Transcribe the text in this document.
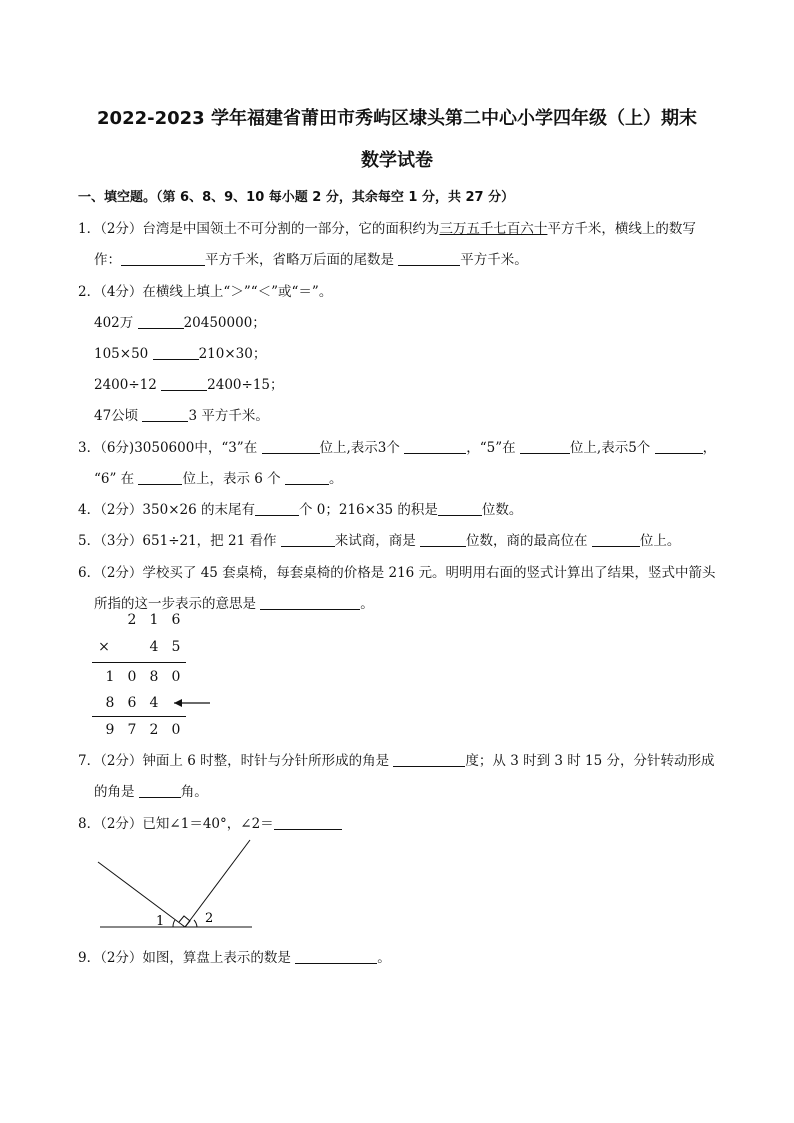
2022-2023 学年福建省莆田市秀屿区埭头第二中心小学四年级（上）期末
数学试卷
一、填空题。（第 6、8、9、10 每小题 2 分，其余每空 1 分，共 27 分）
1．（2分）台湾是中国领土不可分割的一部分，它的面积约为三万五千七百六十平方千米，横线上的数写
作：	平方千米，省略万后面的尾数是	平方千米。
2．（4分）在横线上填上“＞”“＜”或“＝”。
402万	20450000；
105×50	210×30；
2400÷12	2400÷15；
47公顷	3 平方千米。
3．（6分)3050600中，“3”在	位上,表示3个	，“5”在	位上,表示5个	，
“6” 在	位上，表示 6 个	。
4．（2分）350×26 的末尾有	个 0；216×35 的积是	位数。
5．（3分）651÷21，把 21 看作	来试商，商是	位数，商的最高位在	位上。
6．（2分）学校买了 45 套桌椅，每套桌椅的价格是 216 元。明明用右面的竖式计算出了结果，竖式中箭头
所指的这一步表示的意思是	。
2 1 6
×	4 5
1 0 8 0
8 6 4
9 7 2 0
7．（2分）钟面上 6 时整，时针与分针所形成的角是	度；从 3 时到 3 时 15 分，分针转动形成
的角是	角。
8．（2分）已知∠1＝40°，∠2＝
1	2
9．（2分）如图，算盘上表示的数是	。
